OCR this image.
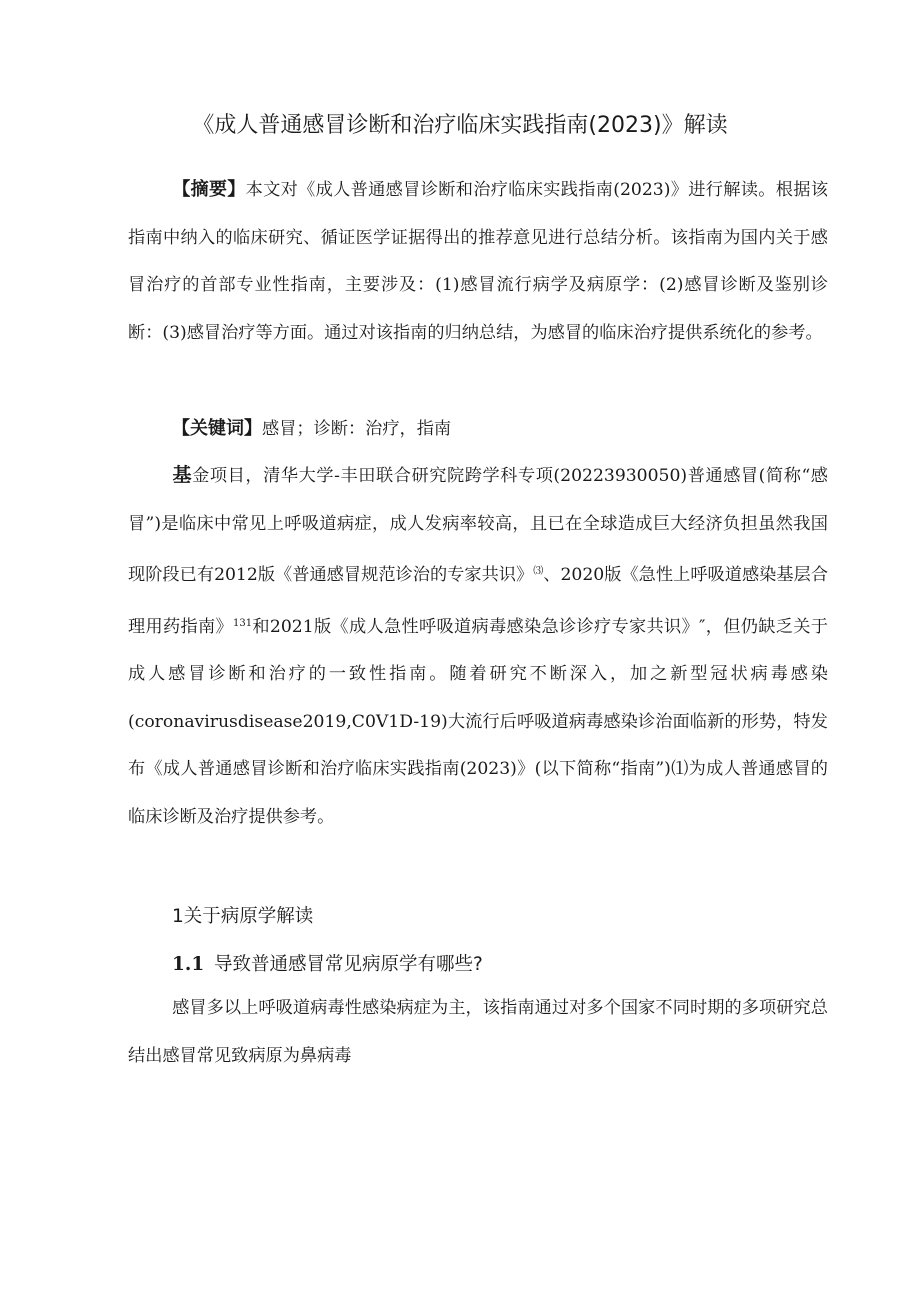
《成人普通感冒诊断和治疗临床实践指南(2023)》解读

【摘要】本文对《成人普通感冒诊断和治疗临床实践指南(2023)》进行解读。根据该指南中纳入的临床研究、循证医学证据得出的推荐意见进行总结分析。该指南为国内关于感冒治疗的首部专业性指南，主要涉及：(1)感冒流行病学及病原学：(2)感冒诊断及鉴别诊断：(3)感冒治疗等方面。通过对该指南的归纳总结，为感冒的临床治疗提供系统化的参考。

【关键词】感冒；诊断：治疗，指南

基金项目，清华大学-丰田联合研究院跨学科专项(20223930050)普通感冒(简称“感冒”)是临床中常见上呼吸道病症，成人发病率较高，且已在全球造成巨大经济负担虽然我国现阶段已有2012版《普通感冒规范诊治的专家共识》⑶、2020版《急性上呼吸道感染基层合理用药指南》$^{131}$和2021版《成人急性呼吸道病毒感染急诊诊疗专家共识》″，但仍缺乏关于成人感冒诊断和治疗的一致性指南。随着研究不断深入，加之新型冠状病毒感染(coronavirusdisease2019,C0V1D-19)大流行后呼吸道病毒感染诊治面临新的形势，特发布《成人普通感冒诊断和治疗临床实践指南(2023)》(以下简称“指南”)⑴为成人普通感冒的临床诊断及治疗提供参考。

1关于病原学解读
1.1 导致普通感冒常见病原学有哪些?

感冒多以上呼吸道病毒性感染病症为主，该指南通过对多个国家不同时期的多项研究总结出感冒常见致病原为鼻病毒
